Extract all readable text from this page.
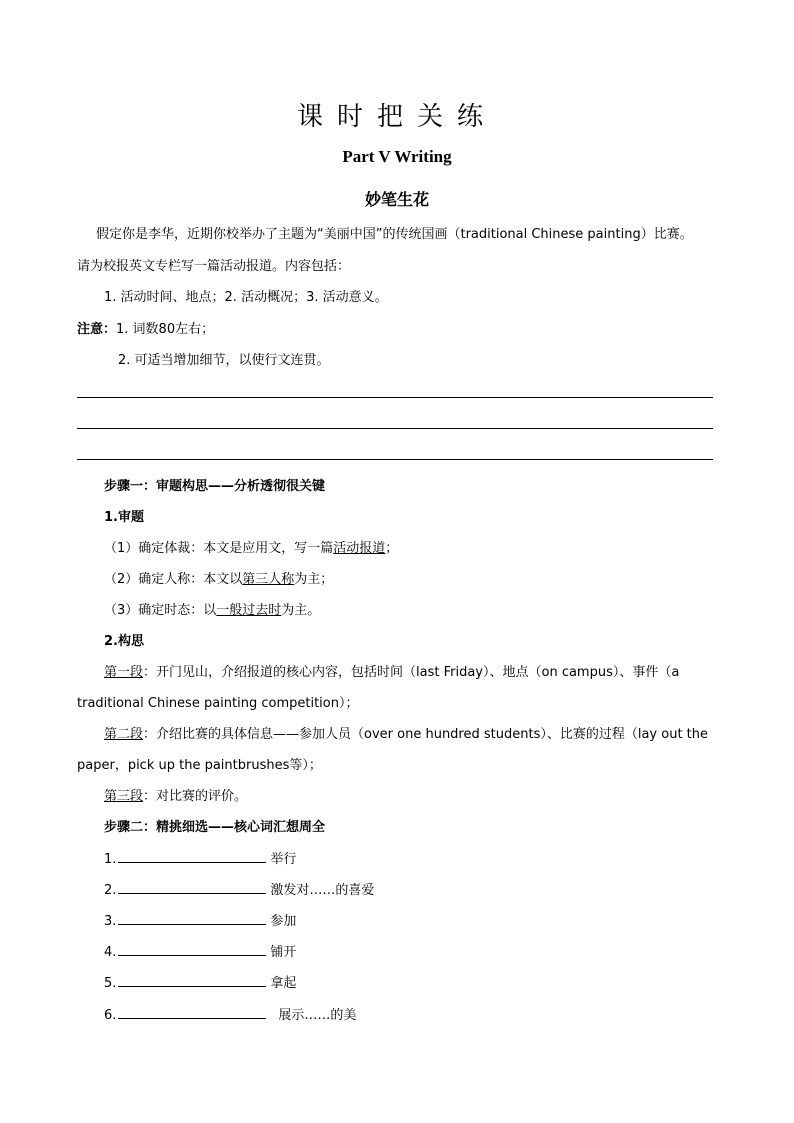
课时把关练
Part V Writing
妙笔生花
假定你是李华，近期你校举办了主题为“美丽中国”的传统国画（traditional Chinese painting）比赛。
请为校报英文专栏写一篇活动报道。内容包括：
1. 活动时间、地点；2. 活动概况；3. 活动意义。
注意：1. 词数80左右；
2. 可适当增加细节，以使行文连贯。
步骤一：审题构思——分析透彻很关键
1.审题
（1）确定体裁：本文是应用文，写一篇活动报道；
（2）确定人称：本文以第三人称为主；
（3）确定时态：以一般过去时为主。
2.构思
第一段：开门见山，介绍报道的核心内容，包括时间（last Friday）、地点（on campus）、事件（a
traditional Chinese painting competition）；
第二段：介绍比赛的具体信息——参加人员（over one hundred students）、比赛的过程（lay out the
paper，pick up the paintbrushes等）；
第三段：对比赛的评价。
步骤二：精挑细选——核心词汇想周全
1.	举行
2.	激发对……的喜爱
3.	参加
4.	铺开
5.	拿起
6.	展示……的美
